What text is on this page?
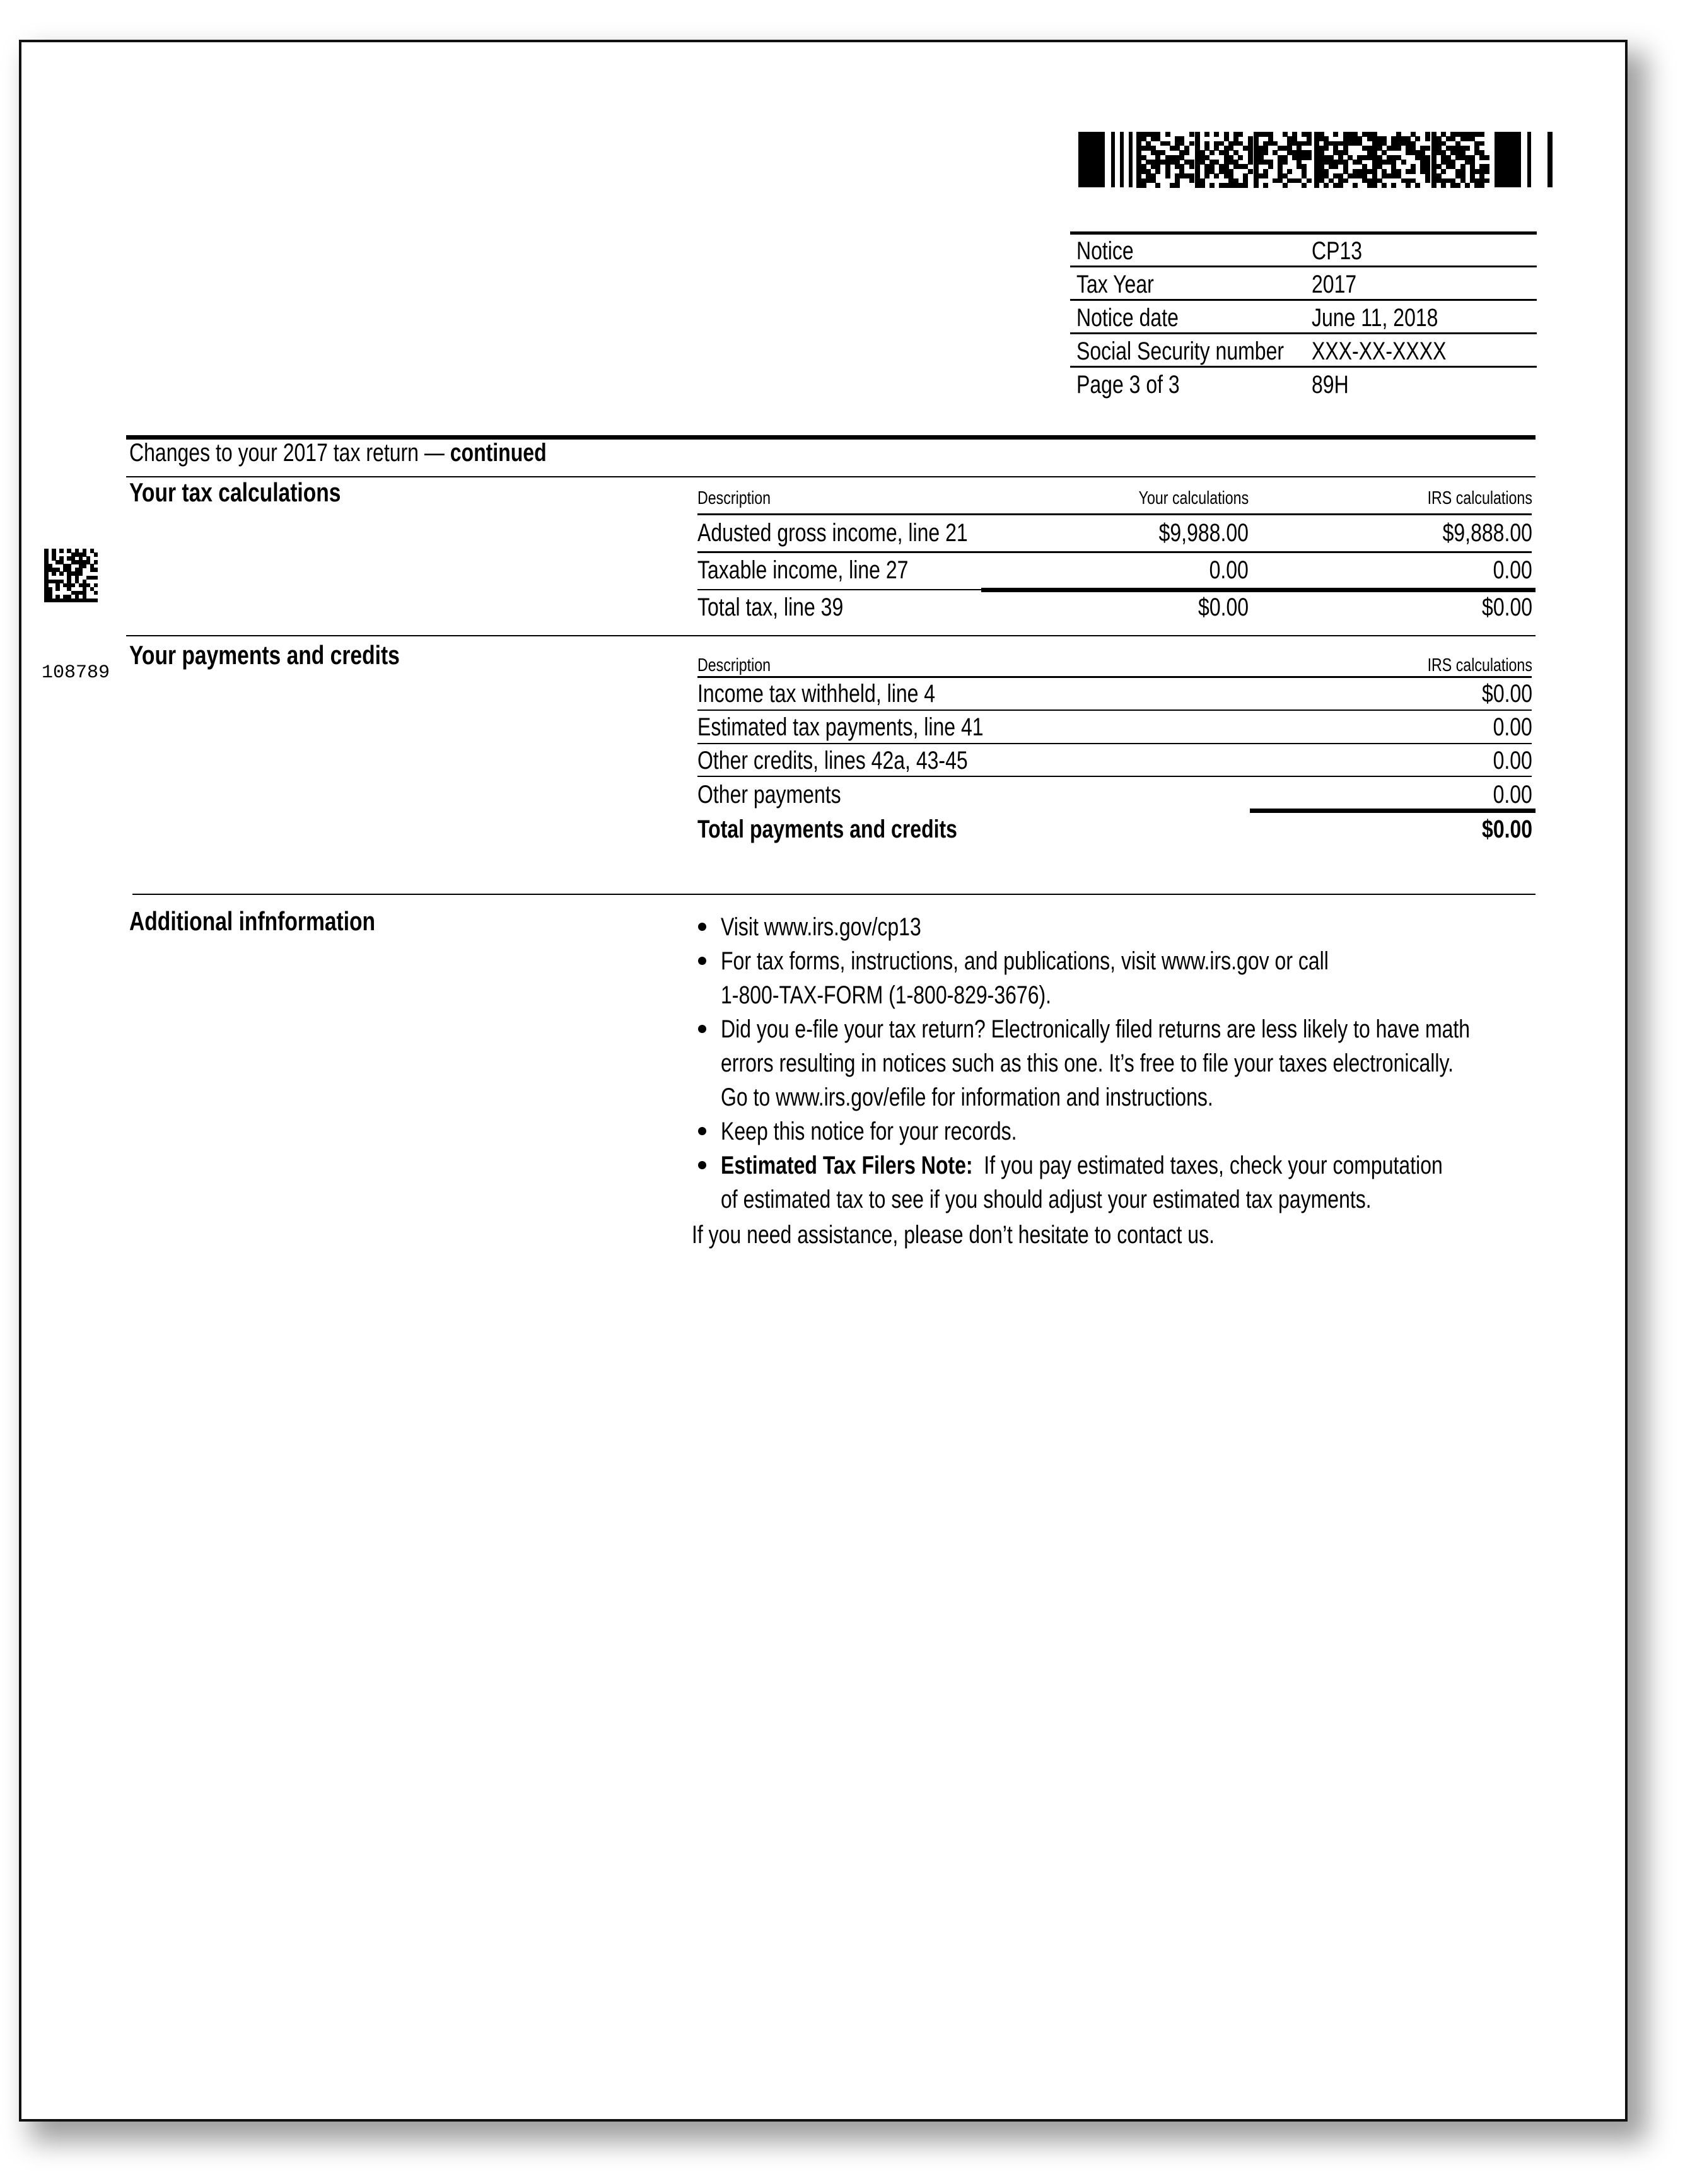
Notice	CP13
Tax Year	2017
Notice date	June 11, 2018
Social Security number	XXX-XX-XXXX
Page 3 of 3	89H
108789
Changes to your 2017 tax return — continued
Your tax calculations	Description	Your calculations	IRS calculations
Adusted gross income, line 21	$9,988.00	$9,888.00
Taxable income, line 27	0.00	0.00
Total tax, line 39	$0.00	$0.00
Your payments and credits	Description	IRS calculations
Income tax withheld, line 4	$0.00
Estimated tax payments, line 41	0.00
Other credits, lines 42a, 43-45	0.00
Other payments	0.00
Total payments and credits	$0.00
Additional infnformation	Visit www.irs.gov/cp13
For tax forms, instructions, and publications, visit www.irs.gov or call
1-800-TAX-FORM (1-800-829-3676).
Did you e-file your tax return? Electronically filed returns are less likely to have math
errors resulting in notices such as this one. It’s free to file your taxes electronically.
Go to www.irs.gov/efile for information and instructions.
Keep this notice for your records.
Estimated Tax Filers Note:  If you pay estimated taxes, check your computation
of estimated tax to see if you should adjust your estimated tax payments.
If you need assistance, please don’t hesitate to contact us.
